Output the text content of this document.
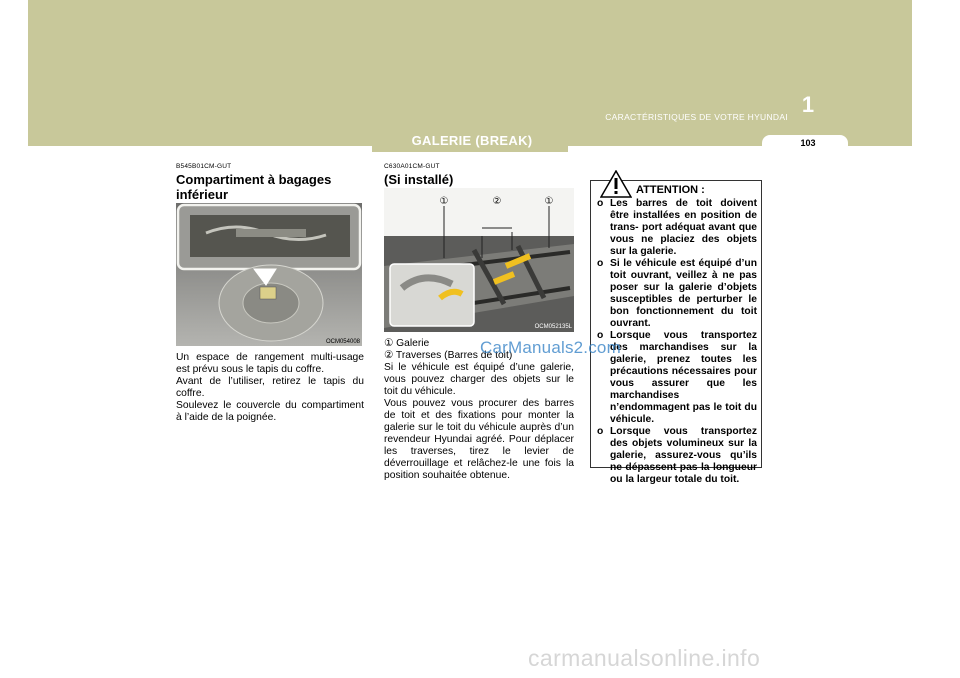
1
CARACTÉRISTIQUES DE VOTRE HYUNDAI
103
GALERIE (BREAK)
B545B01CM-GUT
Compartiment à bagages inférieur
OCM054008

Un espace de rangement multi-usage est prévu sous le tapis du coffre.

Avant de l’utiliser, retirez le tapis du coffre.

Soulevez le couvercle du compartiment à l’aide de la poignée.

C630A01CM-GUT
(Si installé)
①	②	①
OCM052135L

① Galerie

② Traverses (Barres de toit)

Si le véhicule est équipé d’une galerie, vous pouvez charger des objets sur le toit du véhicule.

Vous pouvez vous procurer des barres de toit et des fixations pour monter la galerie sur le toit du véhicule auprès d’un revendeur Hyundai agréé. Pour déplacer les traverses, tirez le levier de déverrouillage et relâchez-le une fois la position souhaitée obtenue.

ATTENTION :
o Les barres de toit doivent être installées en position de trans- port adéquat avant que vous ne placiez des objets sur la galerie.
o Si le véhicule est équipé d’un toit ouvrant, veillez à ne pas poser sur la galerie d’objets susceptibles de perturber le bon fonctionnement du toit ouvrant.
o Lorsque vous transportez des marchandises sur la galerie, prenez toutes les précautions nécessaires pour vous assurer que les marchandises n’endommagent pas le toit du véhicule.
o Lorsque vous transportez des objets volumineux sur la galerie, assurez-vous qu’ils ne dépassent pas la longueur ou la largeur totale du toit.
CarManuals2.com
carmanualsonline.info
